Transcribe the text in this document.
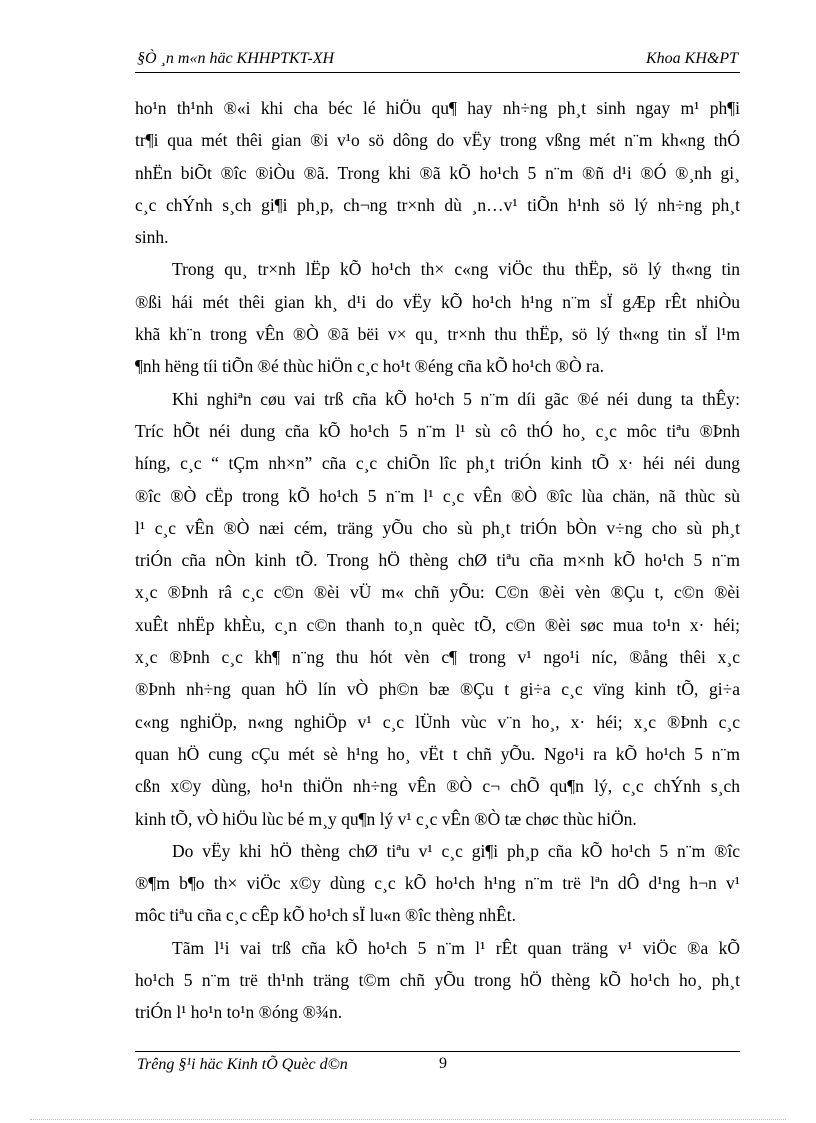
§Ò ¸n m«n häc KHHPTKT-XH	Khoa KH&PT
ho¹n th¹nh ®«i khi cha béc lé hiÖu qu¶ hay nh÷ng ph¸t sinh ngay m¹ ph¶i
tr¶i qua mét thêi gian ®i v¹o sö dông do vËy trong vßng mét n¨m kh«ng thÓ
nhËn biÕt ®îc ®iÒu ®ã. Trong khi ®ã kÕ ho¹ch 5 n¨m ®ñ d¹i ®Ó ®¸nh gi¸
c¸c chÝnh s¸ch gi¶i ph¸p, ch¬ng tr×nh dù ¸n…v¹ tiÕn h¹nh sö lý nh÷ng ph¸t
sinh.
Trong qu¸ tr×nh lËp kÕ ho¹ch th× c«ng viÖc thu thËp, sö lý th«ng tin
®ßi hái mét thêi gian kh¸ d¹i do vËy kÕ ho¹ch h¹ng n¨m sÏ gÆp rÊt nhiÒu
khã kh¨n trong vÊn ®Ò ®ã bëi v× qu¸ tr×nh thu thËp, sö lý th«ng tin sÏ l¹m
¶nh hëng tíi tiÕn ®é thùc hiÖn c¸c ho¹t ®éng cña kÕ ho¹ch ®Ò ra.
Khi nghiªn cøu vai trß cña kÕ ho¹ch 5 n¨m díi gãc ®é néi dung ta thÊy:
Tríc hÕt néi dung cña kÕ ho¹ch 5 n¨m l¹ sù cô thÓ ho¸ c¸c môc tiªu ®Þnh
híng, c¸c “ tÇm nh×n” cña c¸c chiÕn lîc ph¸t triÓn kinh tÕ x· héi néi dung
®îc ®Ò cËp trong kÕ ho¹ch 5 n¨m l¹ c¸c vÊn ®Ò ®îc lùa chän, nã thùc sù
l¹ c¸c vÊn ®Ò næi cém, träng yÕu cho sù ph¸t triÓn bÒn v÷ng cho sù ph¸t
triÓn cña nÒn kinh tÕ. Trong hÖ thèng chØ tiªu cña m×nh kÕ ho¹ch 5 n¨m
x¸c ®Þnh râ c¸c c©n ®èi vÜ m« chñ yÕu: C©n ®èi vèn ®Çu t, c©n ®èi
xuÊt nhËp khÈu, c¸n c©n thanh to¸n quèc tÕ, c©n ®èi søc mua to¹n x· héi;
x¸c ®Þnh c¸c kh¶ n¨ng thu hót vèn c¶ trong v¹ ngo¹i níc, ®ång thêi x¸c
®Þnh nh÷ng quan hÖ lín vÒ ph©n bæ ®Çu t gi÷a c¸c vïng kinh tÕ, gi÷a
c«ng nghiÖp, n«ng nghiÖp v¹ c¸c lÜnh vùc v¨n ho¸, x· héi; x¸c ®Þnh c¸c
quan hÖ cung cÇu mét sè h¹ng ho¸ vËt t chñ yÕu. Ngo¹i ra kÕ ho¹ch 5 n¨m
cßn x©y dùng, ho¹n thiÖn nh÷ng vÊn ®Ò c¬ chÕ qu¶n lý, c¸c chÝnh s¸ch
kinh tÕ, vÒ hiÖu lùc bé m¸y qu¶n lý v¹ c¸c vÊn ®Ò tæ chøc thùc hiÖn.
Do vËy khi hÖ thèng chØ tiªu v¹ c¸c gi¶i ph¸p cña kÕ ho¹ch 5 n¨m ®îc
®¶m b¶o th× viÖc x©y dùng c¸c kÕ ho¹ch h¹ng n¨m trë lªn dÔ d¹ng h¬n v¹
môc tiªu cña c¸c cÊp kÕ ho¹ch sÏ lu«n ®îc thèng nhÊt.
Tãm l¹i vai trß cña kÕ ho¹ch 5 n¨m l¹ rÊt quan träng v¹ viÖc ®a kÕ
ho¹ch 5 n¨m trë th¹nh träng t©m chñ yÕu trong hÖ thèng kÕ ho¹ch ho¸ ph¸t
triÓn l¹ ho¹n to¹n ®óng ®¾n.
Trêng §¹i häc Kinh tÕ Quèc d©n	9
